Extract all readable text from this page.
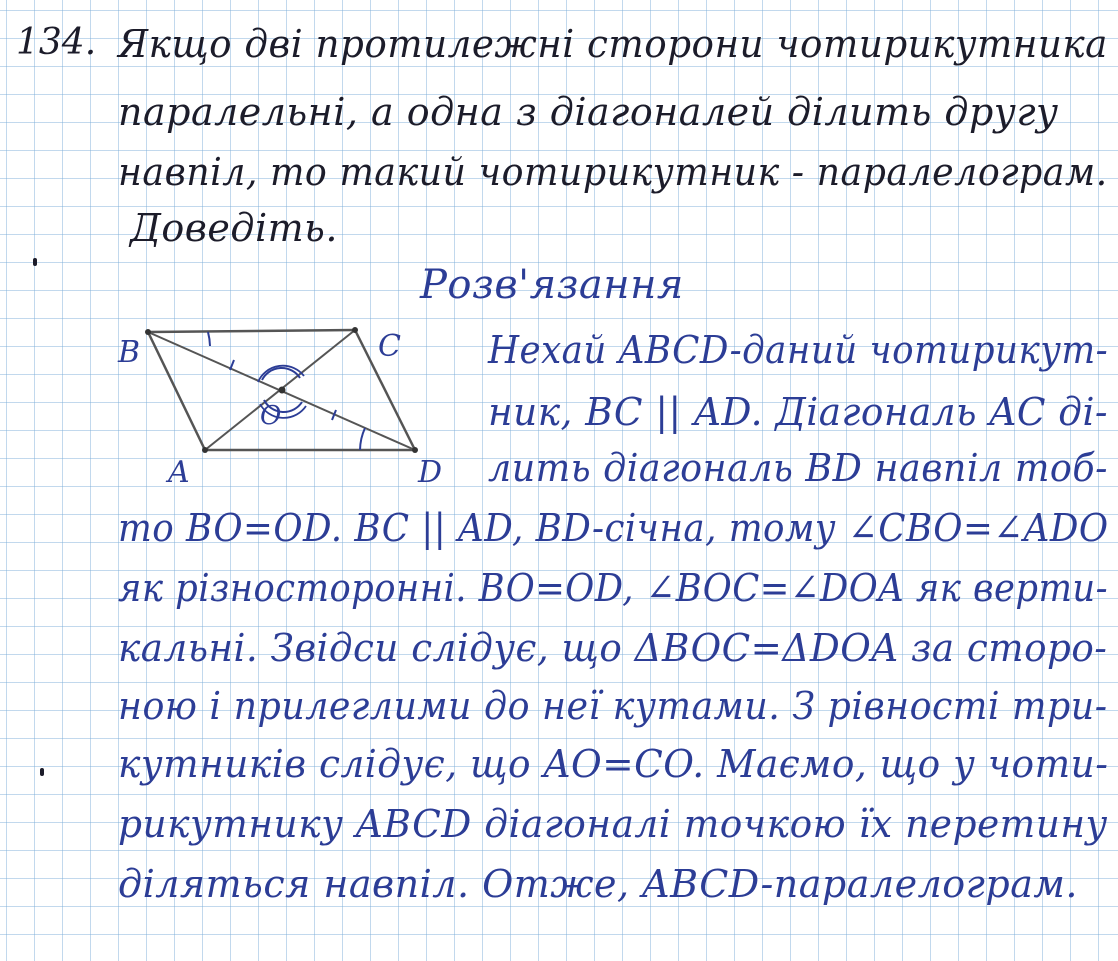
134. Якщо дві протилежні сторони чотирикутника
паралельні, а одна з діагоналей ділить другу
навпіл, то такий чотирикутник - паралелограм.
Доведіть.
Розв'язання
B	C
A	D
O
Нехай ABCD-даний чотирикут-
ник, BC || AD. Діагональ AC ді-
лить діагональ BD навпіл тоб-
то BO=OD. BC || AD, BD-січна, тому ∠CBO=∠ADO
як різносторонні. BO=OD, ∠BOC=∠DOA як верти-
кальні. Звідси слідує, що ΔBOC=ΔDOA за сторо-
ною і прилеглими до неї кутами. З рівності три-
кутників слідує, що AO=CO. Маємо, що у чоти-
рикутнику ABCD діагоналі точкою їх перетину
діляться навпіл. Отже, ABCD-паралелограм.
